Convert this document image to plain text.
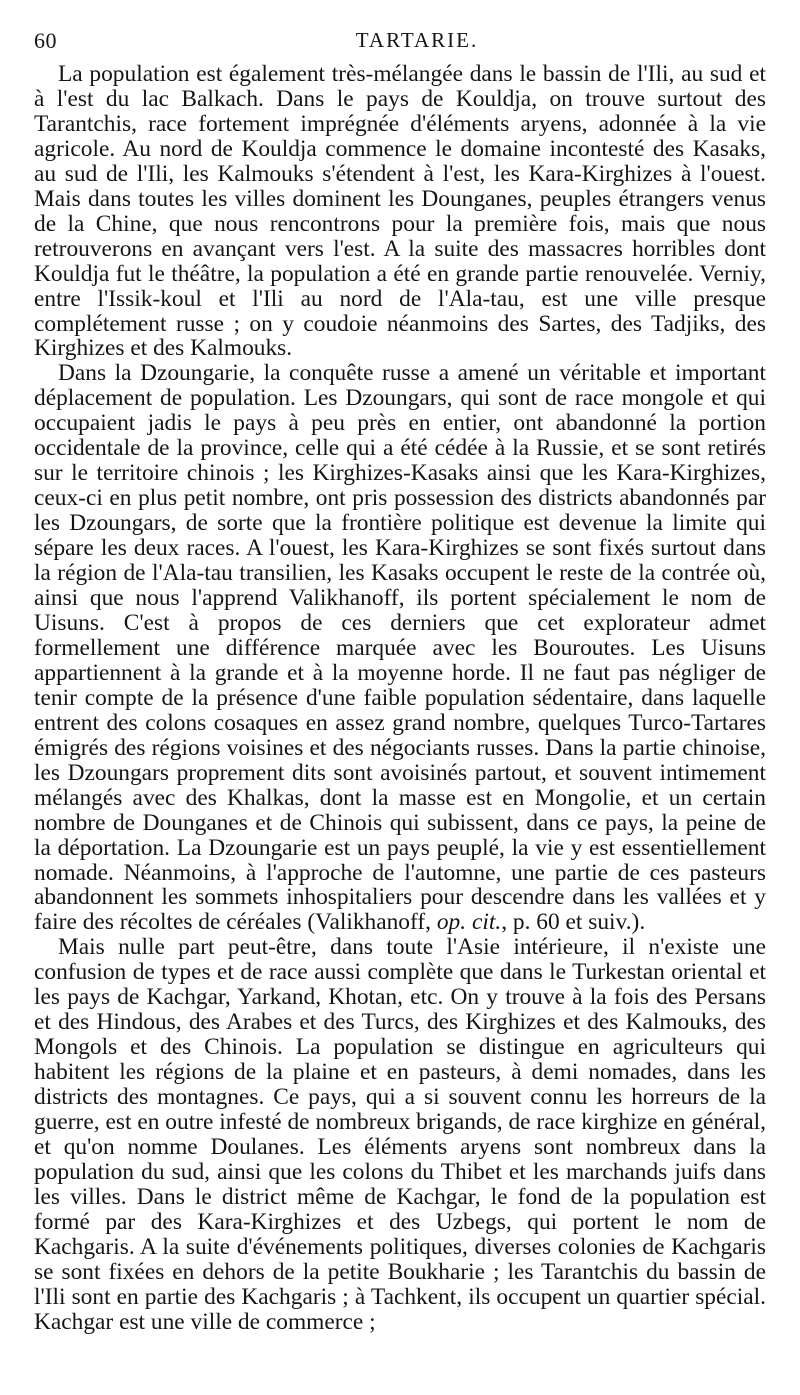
60	TARTARIE.

La population est également très-mélangée dans le bassin de l'Ili, au sud et à l'est du lac Balkach. Dans le pays de Kouldja, on trouve surtout des Tarantchis, race fortement imprégnée d'éléments aryens, adonnée à la vie agricole. Au nord de Kouldja commence le domaine incontesté des Kasaks, au sud de l'Ili, les Kalmouks s'étendent à l'est, les Kara-Kirghizes à l'ouest. Mais dans toutes les villes dominent les Dounganes, peuples étrangers venus de la Chine, que nous rencontrons pour la première fois, mais que nous retrouverons en avançant vers l'est. A la suite des massacres horribles dont Kouldja fut le théâtre, la population a été en grande partie renouvelée. Verniy, entre l'Issik-koul et l'Ili au nord de l'Ala-tau, est une ville presque complétement russe ; on y coudoie néanmoins des Sartes, des Tadjiks, des Kirghizes et des Kalmouks.

Dans la Dzoungarie, la conquête russe a amené un véritable et important déplacement de population. Les Dzoungars, qui sont de race mongole et qui occupaient jadis le pays à peu près en entier, ont abandonné la portion occidentale de la province, celle qui a été cédée à la Russie, et se sont retirés sur le territoire chinois ; les Kirghizes-Kasaks ainsi que les Kara-Kirghizes, ceux-ci en plus petit nombre, ont pris possession des districts abandonnés par les Dzoungars, de sorte que la frontière politique est devenue la limite qui sépare les deux races. A l'ouest, les Kara-Kirghizes se sont fixés surtout dans la région de l'Ala-tau transilien, les Kasaks occupent le reste de la contrée où, ainsi que nous l'apprend Valikhanoff, ils portent spécialement le nom de Uisuns. C'est à propos de ces derniers que cet explorateur admet formellement une différence marquée avec les Bouroutes. Les Uisuns appartiennent à la grande et à la moyenne horde. Il ne faut pas négliger de tenir compte de la présence d'une faible population sédentaire, dans laquelle entrent des colons cosaques en assez grand nombre, quelques Turco-Tartares émigrés des régions voisines et des négociants russes. Dans la partie chinoise, les Dzoungars proprement dits sont avoisinés partout, et souvent intimement mélangés avec des Khalkas, dont la masse est en Mongolie, et un certain nombre de Dounganes et de Chinois qui subissent, dans ce pays, la peine de la déportation. La Dzoungarie est un pays peuplé, la vie y est essentiellement nomade. Néanmoins, à l'approche de l'automne, une partie de ces pasteurs abandonnent les sommets inhospitaliers pour descendre dans les vallées et y faire des récoltes de céréales (Valikhanoff, op. cit., p. 60 et suiv.).

Mais nulle part peut-être, dans toute l'Asie intérieure, il n'existe une confusion de types et de race aussi complète que dans le Turkestan oriental et les pays de Kachgar, Yarkand, Khotan, etc. On y trouve à la fois des Persans et des Hindous, des Arabes et des Turcs, des Kirghizes et des Kalmouks, des Mongols et des Chinois. La population se distingue en agriculteurs qui habitent les régions de la plaine et en pasteurs, à demi nomades, dans les districts des montagnes. Ce pays, qui a si souvent connu les horreurs de la guerre, est en outre infesté de nombreux brigands, de race kirghize en général, et qu'on nomme Doulanes. Les éléments aryens sont nombreux dans la population du sud, ainsi que les colons du Thibet et les marchands juifs dans les villes. Dans le district même de Kachgar, le fond de la population est formé par des Kara-Kirghizes et des Uzbegs, qui portent le nom de Kachgaris. A la suite d'événements politiques, diverses colonies de Kachgaris se sont fixées en dehors de la petite Boukharie ; les Tarantchis du bassin de l'Ili sont en partie des Kachgaris ; à Tachkent, ils occupent un quartier spécial. Kachgar est une ville de commerce ;
